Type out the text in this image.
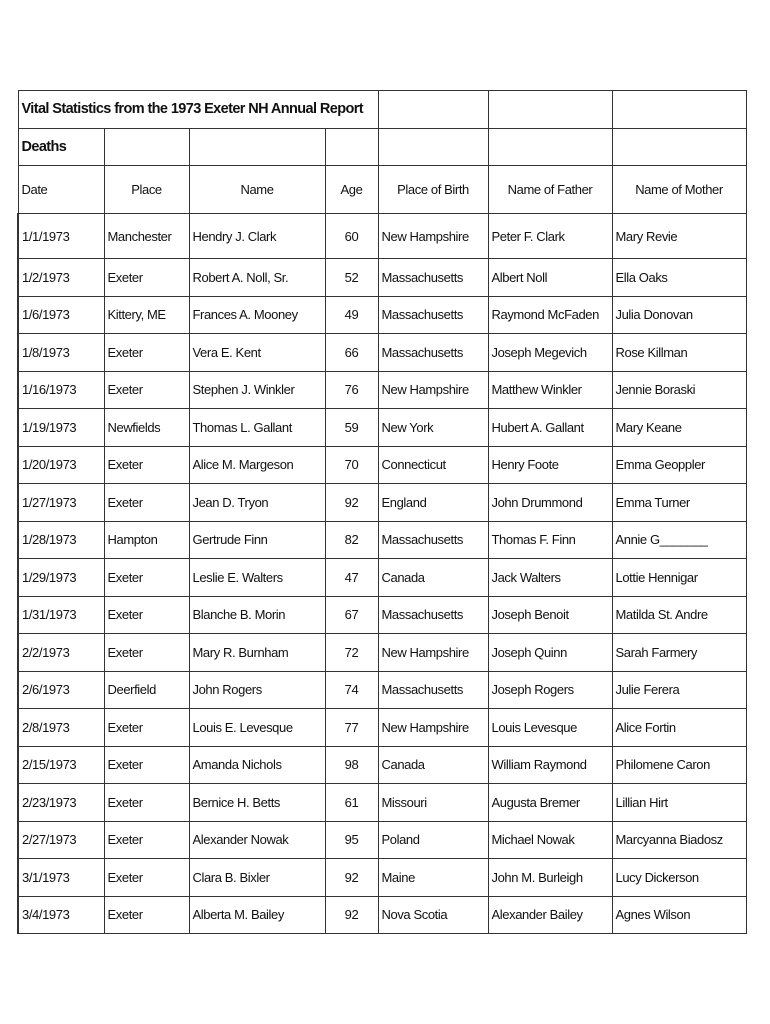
Vital Statistics from the 1973 Exeter NH Annual Report						
Deaths						
Date	Place	Name	Age	Place of Birth	Name of Father	Name of Mother
1/1/1973	Manchester	Hendry J. Clark	60	New Hampshire	Peter F. Clark	Mary Revie
1/2/1973	Exeter	Robert A. Noll, Sr.	52	Massachusetts	Albert Noll	Ella Oaks
1/6/1973	Kittery, ME	Frances A. Mooney	49	Massachusetts	Raymond McFaden	Julia Donovan
1/8/1973	Exeter	Vera E. Kent	66	Massachusetts	Joseph Megevich	Rose Killman
1/16/1973	Exeter	Stephen J. Winkler	76	New Hampshire	Matthew Winkler	Jennie Boraski
1/19/1973	Newfields	Thomas L. Gallant	59	New York	Hubert A. Gallant	Mary Keane
1/20/1973	Exeter	Alice M. Margeson	70	Connecticut	Henry Foote	Emma Geoppler
1/27/1973	Exeter	Jean D. Tryon	92	England	John Drummond	Emma Turner
1/28/1973	Hampton	Gertrude Finn	82	Massachusetts	Thomas F. Finn	Annie G_______
1/29/1973	Exeter	Leslie E. Walters	47	Canada	Jack Walters	Lottie Hennigar
1/31/1973	Exeter	Blanche B. Morin	67	Massachusetts	Joseph Benoit	Matilda St. Andre
2/2/1973	Exeter	Mary R. Burnham	72	New Hampshire	Joseph Quinn	Sarah Farmery
2/6/1973	Deerfield	John Rogers	74	Massachusetts	Joseph Rogers	Julie Ferera
2/8/1973	Exeter	Louis E. Levesque	77	New Hampshire	Louis Levesque	Alice Fortin
2/15/1973	Exeter	Amanda Nichols	98	Canada	William Raymond	Philomene Caron
2/23/1973	Exeter	Bernice H. Betts	61	Missouri	Augusta Bremer	Lillian Hirt
2/27/1973	Exeter	Alexander Nowak	95	Poland	Michael Nowak	Marcyanna Biadosz
3/1/1973	Exeter	Clara B. Bixler	92	Maine	John M. Burleigh	Lucy Dickerson
3/4/1973	Exeter	Alberta M. Bailey	92	Nova Scotia	Alexander Bailey	Agnes Wilson
